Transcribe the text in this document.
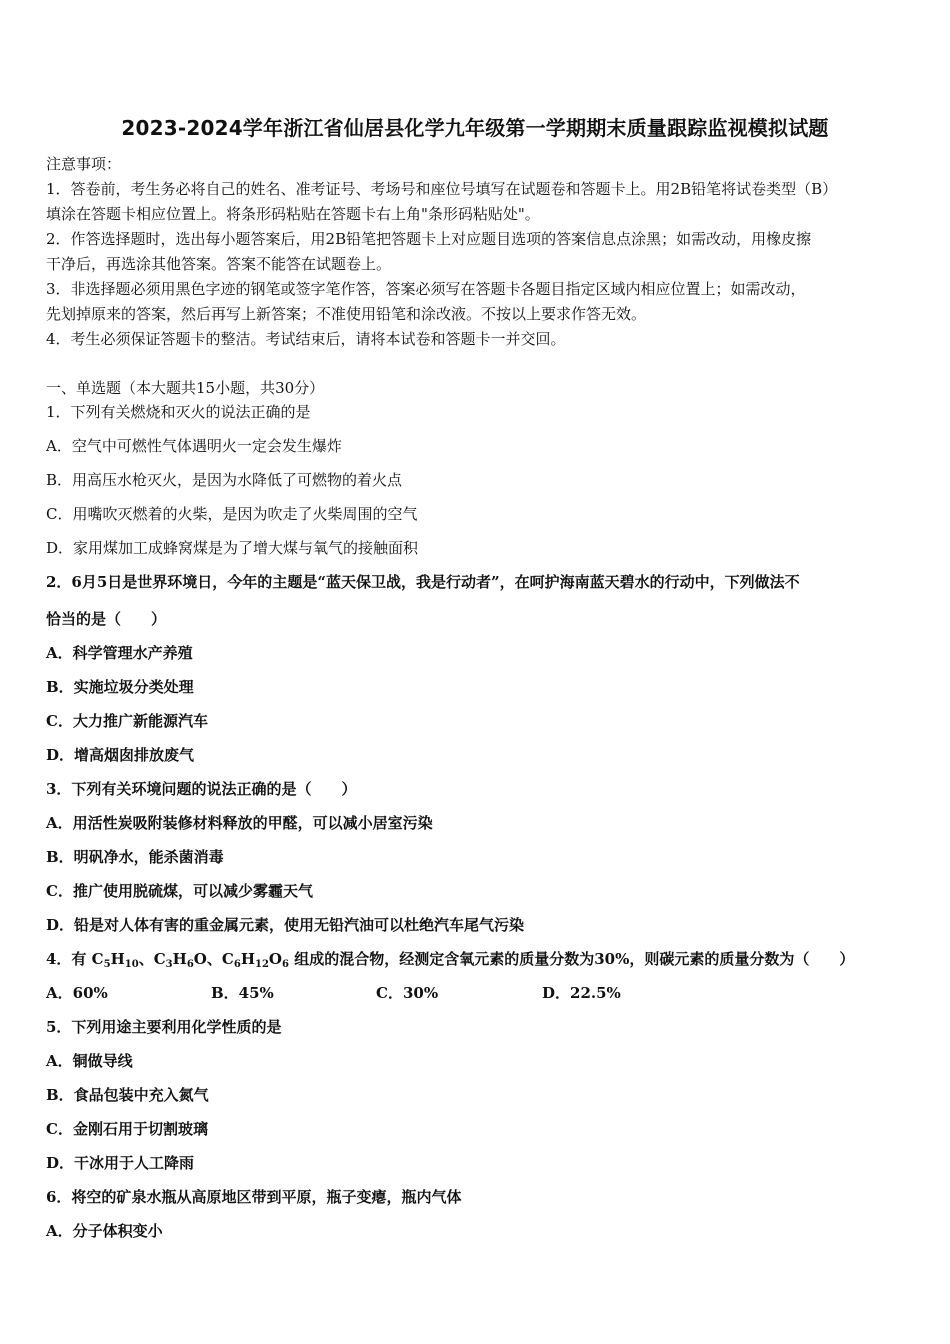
2023-2024学年浙江省仙居县化学九年级第一学期期末质量跟踪监视模拟试题
注意事项：
1．答卷前，考生务必将自己的姓名、准考证号、考场号和座位号填写在试题卷和答题卡上。用2B铅笔将试卷类型（B）
填涂在答题卡相应位置上。将条形码粘贴在答题卡右上角"条形码粘贴处"。
2．作答选择题时，选出每小题答案后，用2B铅笔把答题卡上对应题目选项的答案信息点涂黑；如需改动，用橡皮擦
干净后，再选涂其他答案。答案不能答在试题卷上。
3．非选择题必须用黑色字迹的钢笔或签字笔作答，答案必须写在答题卡各题目指定区域内相应位置上；如需改动，
先划掉原来的答案，然后再写上新答案；不准使用铅笔和涂改液。不按以上要求作答无效。
4．考生必须保证答题卡的整洁。考试结束后，请将本试卷和答题卡一并交回。
一、单选题（本大题共15小题，共30分）
1．下列有关燃烧和灭火的说法正确的是
A．空气中可燃性气体遇明火一定会发生爆炸
B．用高压水枪灭火，是因为水降低了可燃物的着火点
C．用嘴吹灭燃着的火柴，是因为吹走了火柴周围的空气
D．家用煤加工成蜂窝煤是为了增大煤与氧气的接触面积
2．6月5日是世界环境日，今年的主题是“蓝天保卫战，我是行动者”，在呵护海南蓝天碧水的行动中，下列做法不
恰当的是（　　）
A．科学管理水产养殖
B．实施垃圾分类处理
C．大力推广新能源汽车
D．增高烟囱排放废气
3．下列有关环境问题的说法正确的是（　　）
A．用活性炭吸附装修材料释放的甲醛，可以减小居室污染
B．明矾净水，能杀菌消毒
C．推广使用脱硫煤，可以减少雾霾天气
D．铅是对人体有害的重金属元素，使用无铅汽油可以杜绝汽车尾气污染
4．有 $C_5H_{10}$、$C_3H_6O$、$C_6H_{12}O_6$ 组成的混合物，经测定含氧元素的质量分数为30%，则碳元素的质量分数为（　　）
A．60%	B．45%	C．30%	D．22.5%
5．下列用途主要利用化学性质的是
A．铜做导线
B．食品包装中充入氮气
C．金刚石用于切割玻璃
D．干冰用于人工降雨
6．将空的矿泉水瓶从高原地区带到平原，瓶子变瘪，瓶内气体
A．分子体积变小
